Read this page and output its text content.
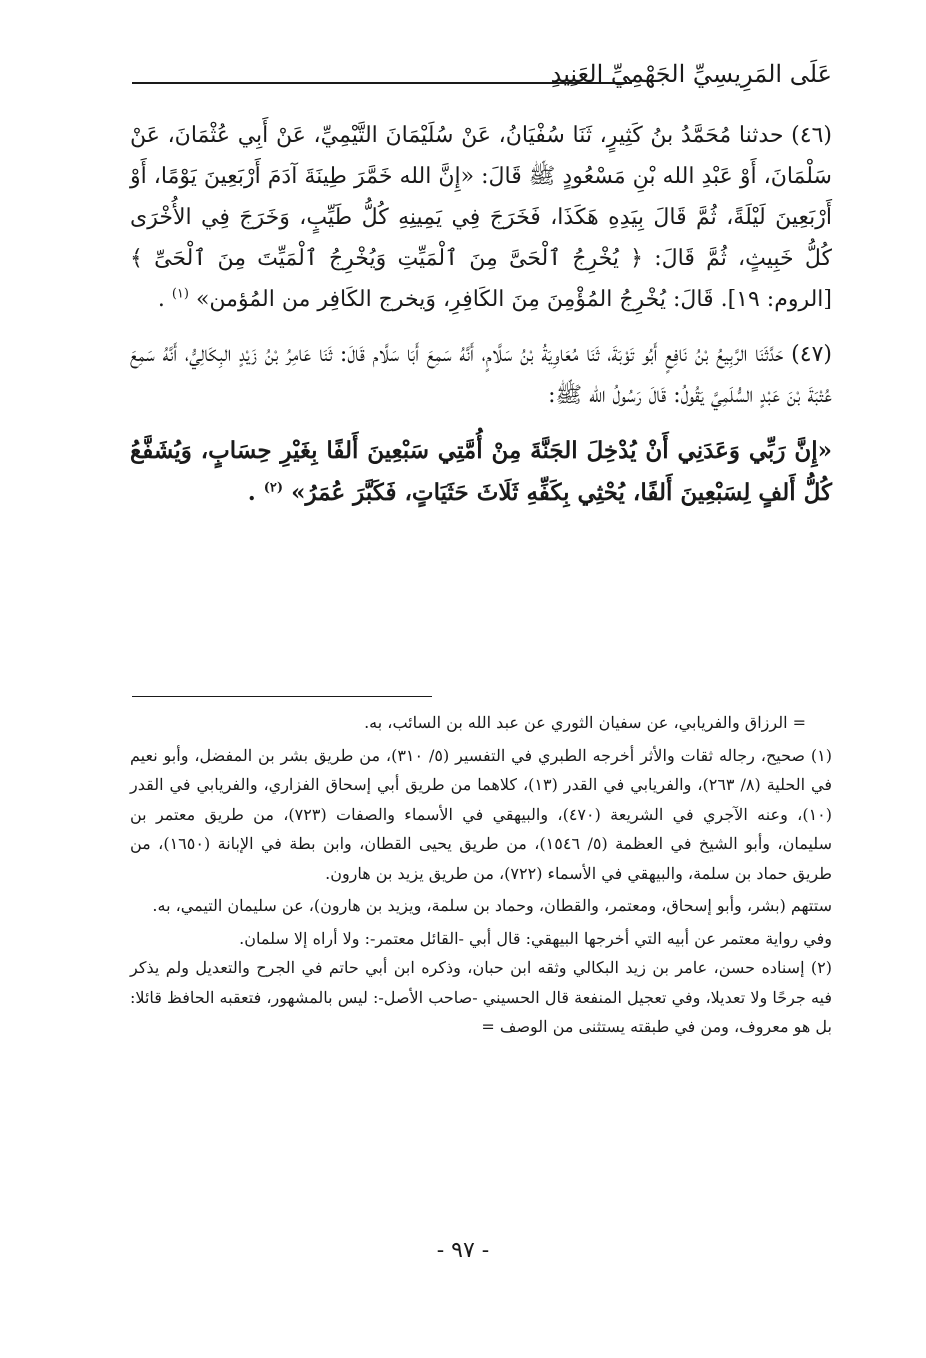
عَلَى المَرِيسِيِّ الجَهْمِيِّ العَنِيدِ

(٤٦) حدثنا مُحَمَّدُ بنُ كَثِيرٍ، ثَنَا سُفْيَانُ، عَنْ سُلَيْمَانَ التَّيْمِيِّ، عَنْ أَبِي عُثْمَانَ، عَنْ سَلْمَانَ، أَوْ عَبْدِ الله بْنِ مَسْعُودٍ ﷺ قَالَ: «إِنَّ الله خَمَّرَ طِينَةَ آدَمَ أَرْبَعِينَ يَوْمًا، أَوْ أَرْبَعِينَ لَيْلَةً، ثُمَّ قَالَ بِيَدِهِ هَكَذَا، فَخَرَجَ فِي يَمِينِهِ كُلُّ طَيِّبٍ، وَخَرَجَ فِي الأُخْرَى كُلُّ خَبِيثٍ، ثُمَّ قَالَ: ﴿ يُخْرِجُ ٱلْحَىَّ مِنَ ٱلْمَيِّتِ وَيُخْرِجُ ٱلْمَيِّتَ مِنَ ٱلْحَىِّ ﴾ [الروم: ١٩]. قَالَ: يُخْرِجُ المُؤْمِنَ مِنَ الكَافِرِ، وَيخرج الكَافِر من المُؤمن» $^{(١)}$ .

(٤٧) حَدَّثَنَا الرَّبِيعُ بْنُ نَافِعٍ أَبُو تَوْبَةَ، ثَنَا مُعَاوِيَةُ بْنُ سَلَّامٍ، أَنَّهُ سَمِعَ أَبَا سَلَّام قَالَ: ثَنَا عَامِرُ بْنُ زَيْدٍ البِكَالِيُّ، أَنَّهُ سَمِعَ عُتْبَةَ بْنَ عَبْدٍ السُّلَمِيَّ يَقُولُ: قَالَ رَسُولُ الله ﷺ:

«إِنَّ رَبِّي وَعَدَنِي أَنْ يُدْخِلَ الجَنَّةَ مِنْ أُمَّتِي سَبْعِينَ أَلفًا بِغَيْرِ حِسَابٍ، وَيُشَفَّعُ كُلُّ أَلفٍ لِسَبْعِينَ أَلفًا، يُحْثِي بِكَفِّهِ ثَلَاثَ حَثَيَاتٍ، فَكَبَّرَ عُمَرُ» $^{(٢)}$ .

= الرزاق والفريابي، عن سفيان الثوري عن عبد الله بن السائب، به.

(١) صحيح، رجاله ثقات والأثر أخرجه الطبري في التفسير (٥/ ٣١٠)، من طريق بشر بن المفضل، وأبو نعيم في الحلية (٨/ ٢٦٣)، والفريابي في القدر (١٣)، كلاهما من طريق أبي إسحاق الفزاري، والفريابي في القدر (١٠)، وعنه الآجري في الشريعة (٤٧٠)، والبيهقي في الأسماء والصفات (٧٢٣)، من طريق معتمر بن سليمان، وأبو الشيخ في العظمة (٥/ ١٥٤٦)، من طريق يحيى القطان، وابن بطة في الإبانة (١٦٥٠)، من طريق حماد بن سلمة، والبيهقي في الأسماء (٧٢٢)، من طريق يزيد بن هارون.

ستتهم (بشر، وأبو إسحاق، ومعتمر، والقطان، وحماد بن سلمة، ويزيد بن هارون)، عن سليمان التيمي، به.

وفي رواية معتمر عن أبيه التي أخرجها البيهقي: قال أبي -القائل معتمر-: ولا أراه إلا سلمان.

(٢) إسناده حسن، عامر بن زيد البكالي وثقه ابن حبان، وذكره ابن أبي حاتم في الجرح والتعديل ولم يذكر فيه جرحًا ولا تعديلا، وفي تعجيل المنفعة قال الحسيني -صاحب الأصل-: ليس بالمشهور، فتعقبه الحافظ قائلا: بل هو معروف، ومن في طبقته يستثنى من الوصف =

- ٩٧ -
